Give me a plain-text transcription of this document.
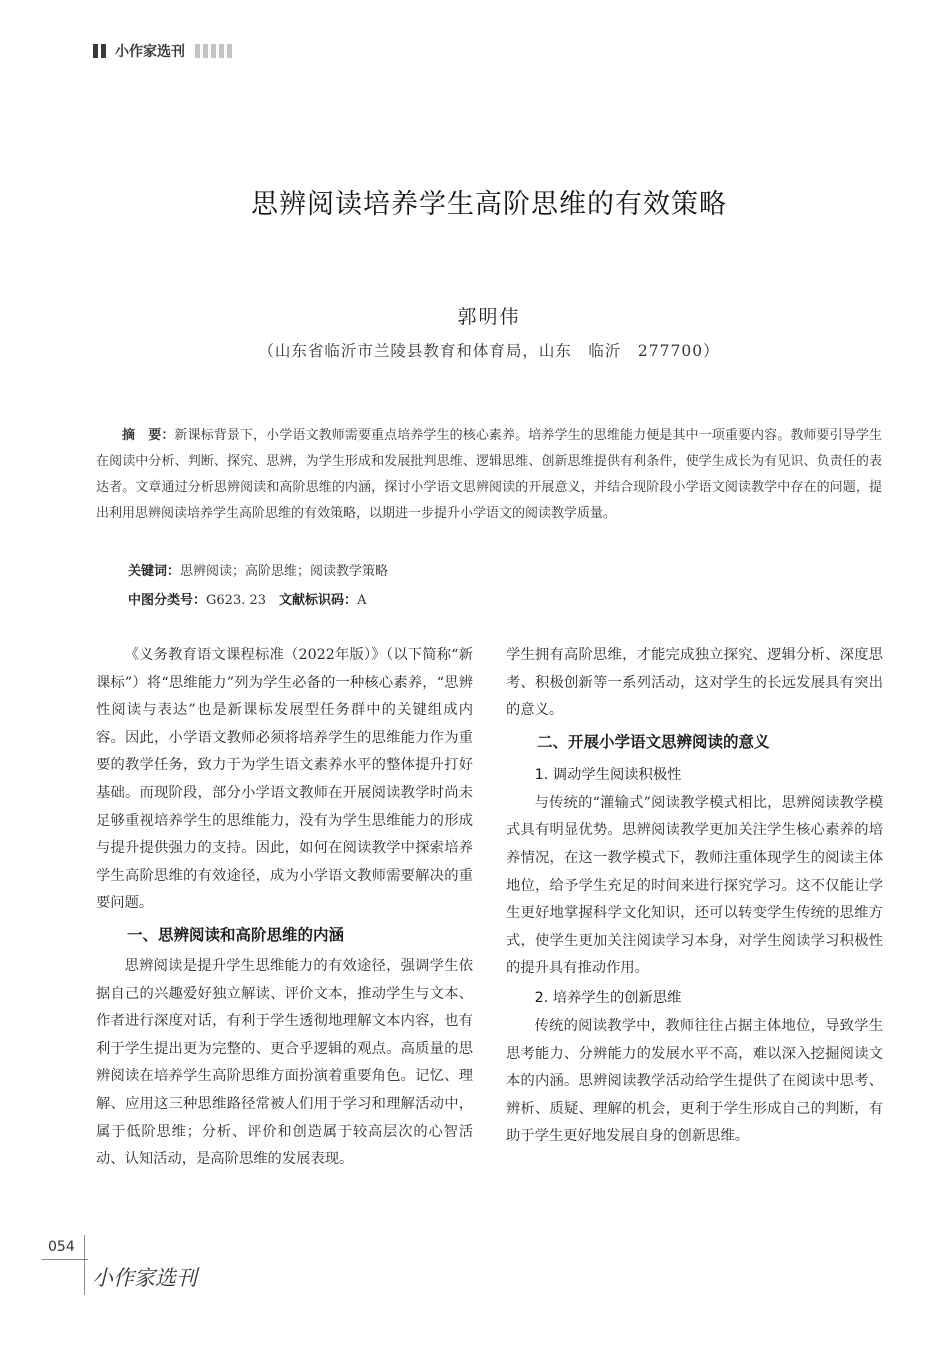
小作家选刊
思辨阅读培养学生高阶思维的有效策略
郭明伟
（山东省临沂市兰陵县教育和体育局，山东　临沂　277700）

摘　要：新课标背景下，小学语文教师需要重点培养学生的核心素养。培养学生的思维能力便是其中一项重要内容。教师要引导学生在阅读中分析、判断、探究、思辨，为学生形成和发展批判思维、逻辑思维、创新思维提供有利条件，使学生成长为有见识、负责任的表达者。文章通过分析思辨阅读和高阶思维的内涵，探讨小学语文思辨阅读的开展意义，并结合现阶段小学语文阅读教学中存在的问题，提出利用思辨阅读培养学生高阶思维的有效策略，以期进一步提升小学语文的阅读教学质量。

关键词：思辨阅读；高阶思维；阅读教学策略
中图分类号：G623. 23　 文献标识码：A

《义务教育语文课程标准（2022年版）》（以下简称“新课标”）将“思维能力”列为学生必备的一种核心素养，“思辨性阅读与表达”也是新课标发展型任务群中的关键组成内容。因此，小学语文教师必须将培养学生的思维能力作为重要的教学任务，致力于为学生语文素养水平的整体提升打好基础。而现阶段，部分小学语文教师在开展阅读教学时尚未足够重视培养学生的思维能力，没有为学生思维能力的形成与提升提供强力的支持。因此，如何在阅读教学中探索培养学生高阶思维的有效途径，成为小学语文教师需要解决的重要问题。

一、思辨阅读和高阶思维的内涵

思辨阅读是提升学生思维能力的有效途径，强调学生依据自己的兴趣爱好独立解读、评价文本，推动学生与文本、作者进行深度对话，有利于学生透彻地理解文本内容，也有利于学生提出更为完整的、更合乎逻辑的观点。高质量的思辨阅读在培养学生高阶思维方面扮演着重要角色。记忆、理解、应用这三种思维路径常被人们用于学习和理解活动中，属于低阶思维；分析、评价和创造属于较高层次的心智活动、认知活动，是高阶思维的发展表现。

学生拥有高阶思维，才能完成独立探究、逻辑分析、深度思考、积极创新等一系列活动，这对学生的长远发展具有突出的意义。

二、开展小学语文思辨阅读的意义
1. 调动学生阅读积极性

与传统的“灌输式”阅读教学模式相比，思辨阅读教学模式具有明显优势。思辨阅读教学更加关注学生核心素养的培养情况，在这一教学模式下，教师注重体现学生的阅读主体地位，给予学生充足的时间来进行探究学习。这不仅能让学生更好地掌握科学文化知识，还可以转变学生传统的思维方式，使学生更加关注阅读学习本身，对学生阅读学习积极性的提升具有推动作用。

2. 培养学生的创新思维

传统的阅读教学中，教师往往占据主体地位，导致学生思考能力、分辨能力的发展水平不高，难以深入挖掘阅读文本的内涵。思辨阅读教学活动给学生提供了在阅读中思考、辨析、质疑、理解的机会，更利于学生形成自己的判断，有助于学生更好地发展自身的创新思维。

054
小作家选刊
